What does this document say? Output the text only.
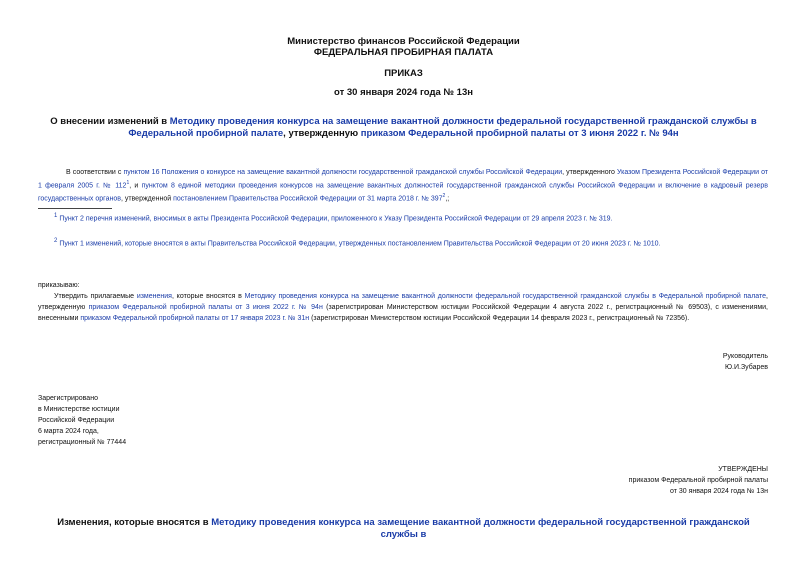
Министерство финансов Российской Федерации
ФЕДЕРАЛЬНАЯ ПРОБИРНАЯ ПАЛАТА
ПРИКАЗ
от 30 января 2024 года № 13н
О внесении изменений в Методику проведения конкурса на замещение вакантной должности федеральной государственной гражданской службы в Федеральной пробирной палате, утвержденную приказом Федеральной пробирной палаты от 3 июня 2022 г. № 94н
В соответствии с пунктом 16 Положения о конкурсе на замещение вакантной должности государственной гражданской службы Российской Федерации, утвержденного Указом Президента Российской Федерации от 1 февраля 2005 г. № $112^1$, и пунктом 8 единой методики проведения конкурсов на замещение вакантных должностей государственной гражданской службы Российской Федерации и включение в кадровый резерв государственных органов, утвержденной постановлением Правительства Российской Федерации от 31 марта 2018 г. № $397^2$,;
1 Пункт 2 перечня изменений, вносимых в акты Президента Российской Федерации, приложенного к Указу Президента Российской Федерации от 29 апреля 2023 г. № 319.
2 Пункт 1 изменений, которые вносятся в акты Правительства Российской Федерации, утвержденных постановлением Правительства Российской Федерации от 20 июня 2023 г. № 1010.
приказываю:
Утвердить прилагаемые изменения, которые вносятся в Методику проведения конкурса на замещение вакантной должности федеральной государственной гражданской службы в Федеральной пробирной палате, утвержденную приказом Федеральной пробирной палаты от 3 июня 2022 г. № 94н (зарегистрирован Министерством юстиции Российской Федерации 4 августа 2022 г., регистрационный № 69503), с изменениями, внесенными приказом Федеральной пробирной палаты от 17 января 2023 г. № 31н (зарегистрирован Министерством юстиции Российской Федерации 14 февраля 2023 г., регистрационный № 72356).
Руководитель
Ю.И.Зубарев
Зарегистрировано
в Министерстве юстиции
Российской Федерации
6 марта 2024 года,
регистрационный № 77444
УТВЕРЖДЕНЫ
приказом Федеральной пробирной палаты
от 30 января 2024 года № 13н
Изменения, которые вносятся в Методику проведения конкурса на замещение вакантной должности федеральной государственной гражданской службы в
